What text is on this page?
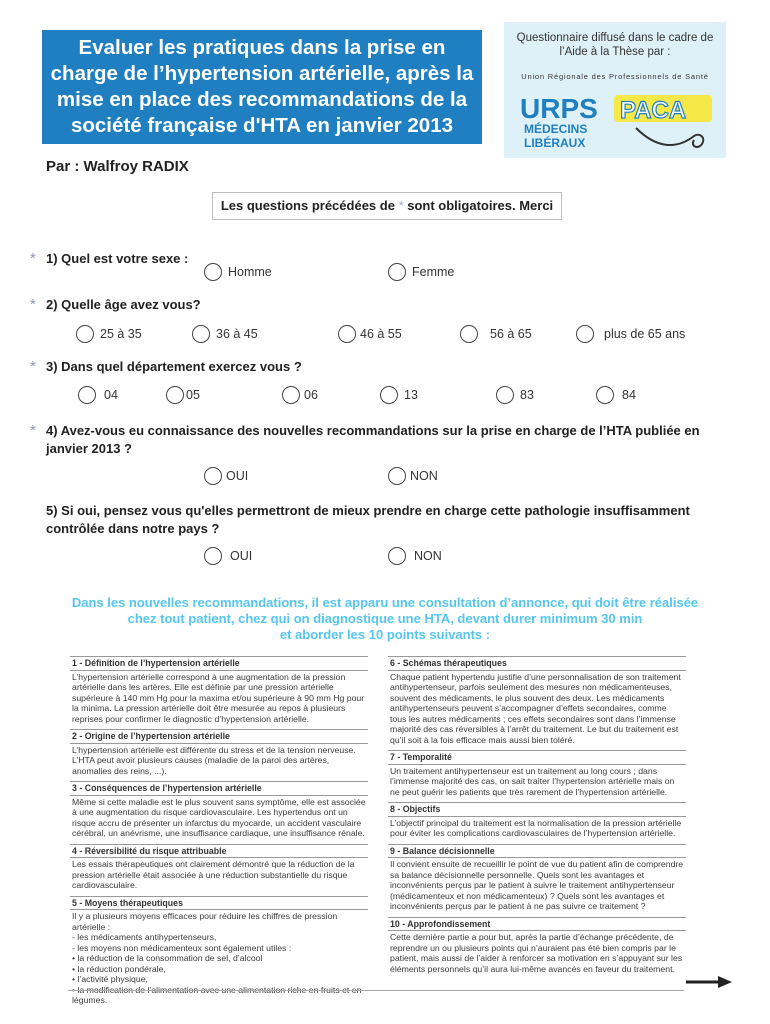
Evaluer les pratiques dans la prise en
charge de l’hypertension artérielle, après la
mise en place des recommandations de la
société française d'HTA en janvier 2013
Questionnaire diffusé dans le cadre de
l’Aide à la Thèse par :
Union Régionale des Professionnels de Santé
URPS PACA
MÉDECINS
LIBÉRAUX
Par : Walfroy RADIX
Les questions précédées de * sont obligatoires. Merci
* 1) Quel est votre sexe :
Homme	Femme
* 2) Quelle âge avez vous?
25 à 35	36 à 45	46 à 55	56 à 65	plus de 65 ans
* 3) Dans quel département exercez vous ?
04	05	06	13	83	84
* 4) Avez-vous eu connaissance des nouvelles recommandations sur la prise en charge de l’HTA publiée en janvier 2013 ?
OUI	NON
5) Si oui, pensez vous qu'elles permettront de mieux prendre en charge cette pathologie insuffisamment contrôlée dans notre pays ?
OUI	NON
Dans les nouvelles recommandations, il est apparu une consultation d’annonce, qui doit être réalisée
chez tout patient, chez qui on diagnostique une HTA, devant durer minimum 30 min
et aborder les 10 points suivants :
1 - Définition de l’hypertension artérielle
L’hypertension artérielle correspond à une augmentation de la pression artérielle dans les artères. Elle est définie par une pression artérielle supérieure à 140 mm Hg pour la maxima et/ou supérieure à 90 mm Hg pour la minima. La pression artérielle doit être mesurée au repos à plusieurs reprises pour confirmer le diagnostic d’hypertension artérielle.
2 - Origine de l’hypertension artérielle
L’hypertension artérielle est différente du stress et de la tension nerveuse. L’HTA peut avoir plusieurs causes (maladie de la paroi des artères, anomalies des reins, ...).
3 - Conséquences de l’hypertension artérielle
Même si cette maladie est le plus souvent sans symptôme, elle est associée à une augmentation du risque cardiovasculaire. Les hypertendus ont un risque accru de présenter un infarctus du myocarde, un accident vasculaire cérébral, un anévrisme, une insuffisance cardiaque, une insuffisance rénale.
4 - Réversibilité du risque attribuable
Les essais thérapeutiques ont clairement démontré que la réduction de la pression artérielle était associée à une réduction substantielle du risque cardiovasculaire.
5 - Moyens thérapeutiques
Il y a plusieurs moyens efficaces pour réduire les chiffres de pression artérielle :
- les médicaments antihypertenseurs,
- les moyens non médicamenteux sont également utiles :
• la réduction de la consommation de sel, d’alcool
• la réduction pondérale,
• l’activité physique,
• la modification de l’alimentation avec une alimentation riche en fruits et en légumes.
6 - Schémas thérapeutiques
Chaque patient hypertendu justifie d’une personnalisation de son traitement antihypertenseur, parfois seulement des mesures non médicamenteuses, souvent des médicaments, le plus souvent des deux. Les médicaments antihypertenseurs peuvent s’accompagner d’effets secondaires, comme tous les autres médicaments ; ces effets secondaires sont dans l’immense majorité des cas réversibles à l’arrêt du traitement. Le but du traitement est qu’il soit à la fois efficace mais aussi bien toléré.
7 - Temporalité
Un traitement antihypertenseur est un traitement au long cours ; dans l’immense majorité des cas, on sait traiter l’hypertension artérielle mais on ne peut guérir les patients que très rarement de l’hypertension artérielle.
8 - Objectifs
L’objectif principal du traitement est la normalisation de la pression artérielle pour éviter les complications cardiovasculaires de l’hypertension artérielle.
9 - Balance décisionnelle
Il convient ensuite de recueillir le point de vue du patient afin de comprendre sa balance décisionnelle personnelle. Quels sont les avantages et inconvénients perçus par le patient à suivre le traitement antihypertenseur (médicamenteux et non médicamenteux) ? Quels sont les avantages et inconvénients perçus par le patient à ne pas suivre ce traitement ?
10 - Approfondissement
Cette dernière partie a pour but, après la partie d’échange précédente, de reprendre un ou plusieurs points qui n’auraient pas été bien compris par le patient, mais aussi de l’aider à renforcer sa motivation en s’appuyant sur les éléments personnels qu’il aura lui-même avancés en faveur du traitement.
